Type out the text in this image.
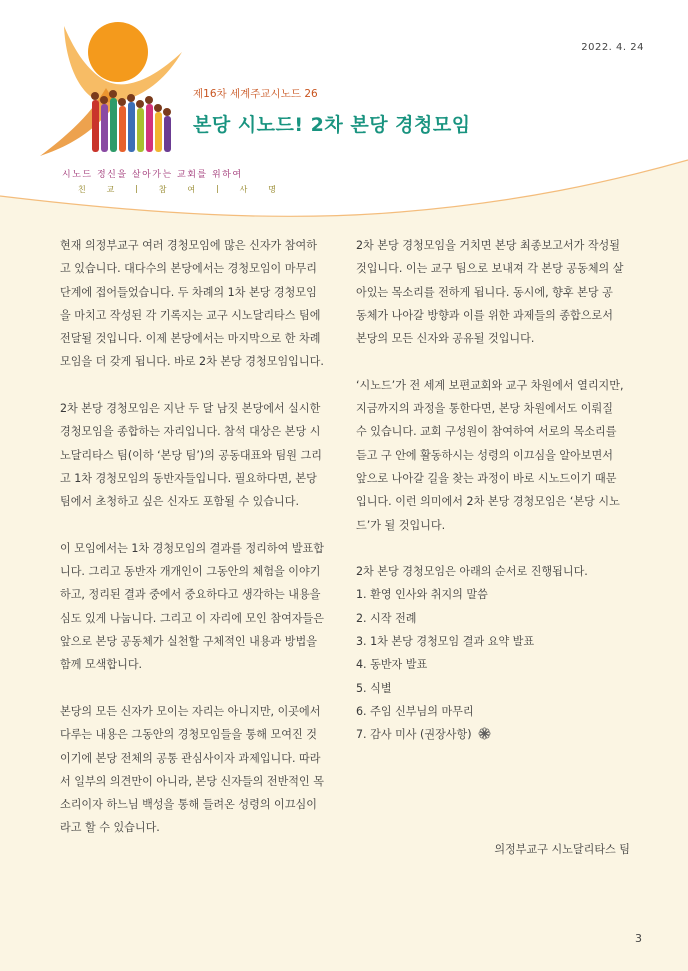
2022. 4. 24
제16차 세계주교시노드 26
본당 시노드! 2차 본당 경청모임
시노드 정신을 살아가는 교회를 위하여
친	교	|	참	여	|	사	명
현재 의정부교구 여러 경청모임에 많은 신자가 참여하
고 있습니다. 대다수의 본당에서는 경청모임이 마무리
단계에 접어들었습니다. 두 차례의 1차 본당 경청모임
을 마치고 작성된 각 기록지는 교구 시노달리타스 팀에
전달될 것입니다. 이제 본당에서는 마지막으로 한 차례
모임을 더 갖게 됩니다. 바로 2차 본당 경청모임입니다.
2차 본당 경청모임은 지난 두 달 남짓 본당에서 실시한
경청모임을 종합하는 자리입니다. 참석 대상은 본당 시
노달리타스 팀(이하 ‘본당 팀’)의 공동대표와 팀원 그리
고 1차 경청모임의 동반자들입니다. 필요하다면, 본당
팀에서 초청하고 싶은 신자도 포함될 수 있습니다.
이 모임에서는 1차 경청모임의 결과를 정리하여 발표합
니다. 그리고 동반자 개개인이 그동안의 체험을 이야기
하고, 정리된 결과 중에서 중요하다고 생각하는 내용을
심도 있게 나눕니다. 그리고 이 자리에 모인 참여자들은
앞으로 본당 공동체가 실천할 구체적인 내용과 방법을
함께 모색합니다.
본당의 모든 신자가 모이는 자리는 아니지만, 이곳에서
다루는 내용은 그동안의 경청모임들을 통해 모여진 것
이기에 본당 전체의 공통 관심사이자 과제입니다. 따라
서 일부의 의견만이 아니라, 본당 신자들의 전반적인 목
소리이자 하느님 백성을 통해 들려온 성령의 이끄심이
라고 할 수 있습니다.
2차 본당 경청모임을 거치면 본당 최종보고서가 작성될
것입니다. 이는 교구 팀으로 보내져 각 본당 공동체의 살
아있는 목소리를 전하게 됩니다. 동시에, 향후 본당 공
동체가 나아갈 방향과 이를 위한 과제들의 종합으로서
본당의 모든 신자와 공유될 것입니다.
‘시노드’가 전 세계 보편교회와 교구 차원에서 열리지만,
지금까지의 과정을 통한다면, 본당 차원에서도 이뤄질
수 있습니다. 교회 구성원이 참여하여 서로의 목소리를
듣고 구 안에 활동하시는 성령의 이끄심을 알아보면서
앞으로 나아갈 길을 찾는 과정이 바로 시노드이기 때문
입니다. 이런 의미에서 2차 본당 경청모임은 ‘본당 시노
드’가 될 것입니다.
2차 본당 경청모임은 아래의 순서로 진행됩니다.
1. 환영 인사와 취지의 말씀
2. 시작 전례
3. 1차 본당 경청모임 결과 요약 발표
4. 동반자 발표
5. 식별
6. 주임 신부님의 마무리
7. 감사 미사 (권장사항)
의정부교구 시노달리타스 팀
3
